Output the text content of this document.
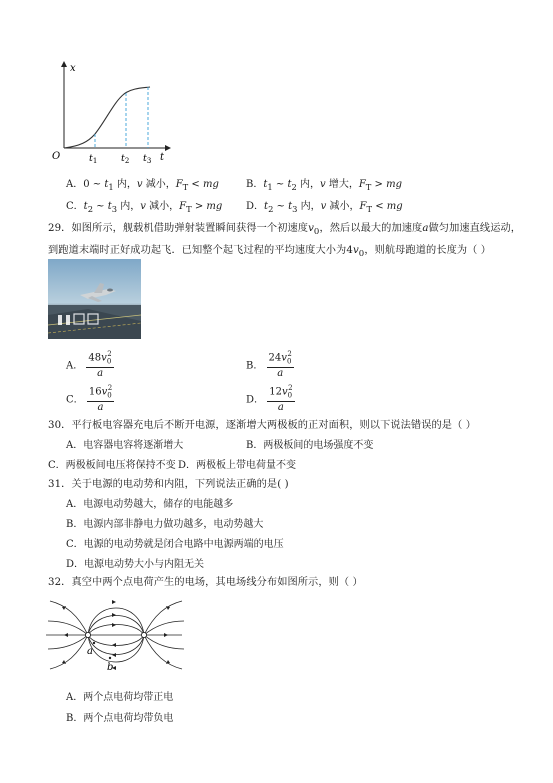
x
t
O	$t_1$ $t_2$ $t_3$
A．0 ~ $t_1$ 内，v 减小，$F_T$ < mg	B．$t_1$ ~ $t_2$ 内，v 增大，$F_T$ > mg
C．$t_2$ ~ $t_3$ 内，v 减小，$F_T$ > mg D．$t_2$ ~ $t_3$ 内，v 减小，$F_T$ < mg
29．如图所示，舰载机借助弹射装置瞬间获得一个初速度$v_0$，然后以最大的加速度a做匀加速直线运动，
到跑道末端时正好成功起飞．已知整个起飞过程的平均速度大小为$4v_0$，则航母跑道的长度为（ ）
A． $\frac{48v_0^2}{a}$	B． $\frac{24v_0^2}{a}$
C． $\frac{16v_0^2}{a}$	D． $\frac{12v_0^2}{a}$
30．平行板电容器充电后不断开电源，逐渐增大两极板的正对面积，则以下说法错误的是（ ）
A．电容器电容将逐渐增大	B．两极板间的电场强度不变
C．两极板间电压将保持不变 D．两极板上带电荷量不变
31．关于电源的电动势和内阻，下列说法正确的是( )
A．电源电动势越大，储存的电能越多
B．电源内部非静电力做功越多，电动势越大
C．电源的电动势就是闭合电路中电源两端的电压
D．电源电动势大小与内阻无关
32．真空中两个点电荷产生的电场，其电场线分布如图所示，则（ ）
a
b
A．两个点电荷均带正电
B．两个点电荷均带负电
